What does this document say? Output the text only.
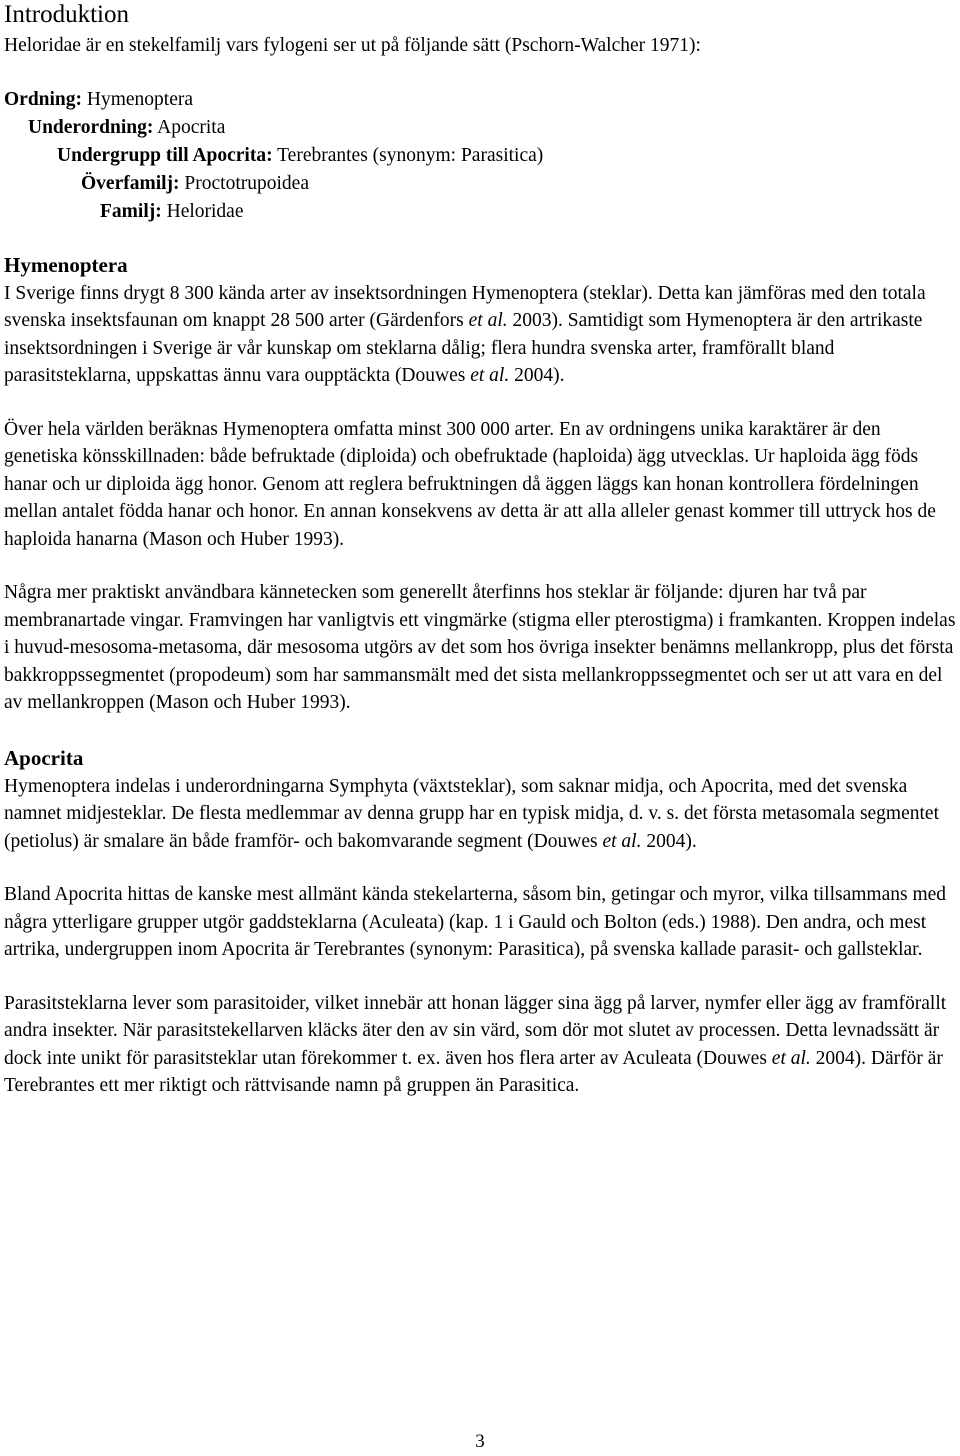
Introduktion

Heloridae är en stekelfamilj vars fylogeni ser ut på följande sätt (Pschorn-Walcher 1971):

Ordning: Hymenoptera
Underordning: Apocrita
Undergrupp till Apocrita: Terebrantes (synonym: Parasitica)
Överfamilj: Proctotrupoidea
Familj: Heloridae
Hymenoptera

I Sverige finns drygt 8 300 kända arter av insektsordningen Hymenoptera (steklar). Detta kan jämföras med den totala svenska insektsfaunan om knappt 28 500 arter (Gärdenfors et al. 2003). Samtidigt som Hymenoptera är den artrikaste insektsordningen i Sverige är vår kunskap om steklarna dålig; flera hundra svenska arter, framförallt bland parasitsteklarna, uppskattas ännu vara oupptäckta (Douwes et al. 2004).

Över hela världen beräknas Hymenoptera omfatta minst 300 000 arter. En av ordningens unika karaktärer är den genetiska könsskillnaden: både befruktade (diploida) och obefruktade (haploida) ägg utvecklas. Ur haploida ägg föds hanar och ur diploida ägg honor. Genom att reglera befruktningen då äggen läggs kan honan kontrollera fördelningen mellan antalet födda hanar och honor. En annan konsekvens av detta är att alla alleler genast kommer till uttryck hos de haploida hanarna (Mason och Huber 1993).

Några mer praktiskt användbara kännetecken som generellt återfinns hos steklar är följande: djuren har två par membranartade vingar. Framvingen har vanligtvis ett vingmärke (stigma eller pterostigma) i framkanten. Kroppen indelas i huvud-mesosoma-metasoma, där mesosoma utgörs av det som hos övriga insekter benämns mellankropp, plus det första bakkroppssegmentet (propodeum) som har sammansmält med det sista mellankroppssegmentet och ser ut att vara en del av mellankroppen (Mason och Huber 1993).

Apocrita

Hymenoptera indelas i underordningarna Symphyta (växtsteklar), som saknar midja, och Apocrita, med det svenska namnet midjesteklar. De flesta medlemmar av denna grupp har en typisk midja, d. v. s. det första metasomala segmentet (petiolus) är smalare än både framför- och bakomvarande segment (Douwes et al. 2004).

Bland Apocrita hittas de kanske mest allmänt kända stekelarterna, såsom bin, getingar och myror, vilka tillsammans med några ytterligare grupper utgör gaddsteklarna (Aculeata) (kap. 1 i Gauld och Bolton (eds.) 1988). Den andra, och mest artrika, undergruppen inom Apocrita är Terebrantes (synonym: Parasitica), på svenska kallade parasit- och gallsteklar.

Parasitsteklarna lever som parasitoider, vilket innebär att honan lägger sina ägg på larver, nymfer eller ägg av framförallt andra insekter. När parasitstekellarven kläcks äter den av sin värd, som dör mot slutet av processen. Detta levnadssätt är dock inte unikt för parasitsteklar utan förekommer t. ex. även hos flera arter av Aculeata (Douwes et al. 2004). Därför är Terebrantes ett mer riktigt och rättvisande namn på gruppen än Parasitica.

3
